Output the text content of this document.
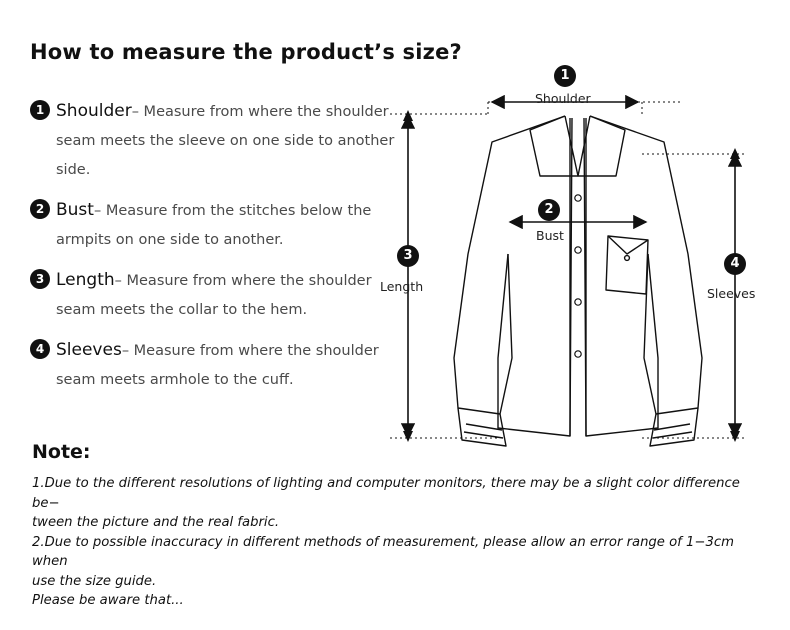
How to measure the product’s size?
1 Shoulder– Measure from where the shoulder seam meets the sleeve on one side to another side.
2 Bust– Measure from the stitches below the armpits on one side to another.
3 Length– Measure from where the shoulder seam meets the collar to the hem.
4 Sleeves– Measure from where the shoulder seam meets armhole to the cuff.
1
Shoulder
2
Bust
3
Length
4
Sleeves
Note:
1.Due to the different resolutions of lighting and computer monitors, there may be a slight color difference be−
tween the picture and the real fabric.
2.Due to possible inaccuracy in different methods of measurement, please allow an error range of 1−3cm when
use the size guide.
Please be aware that...
